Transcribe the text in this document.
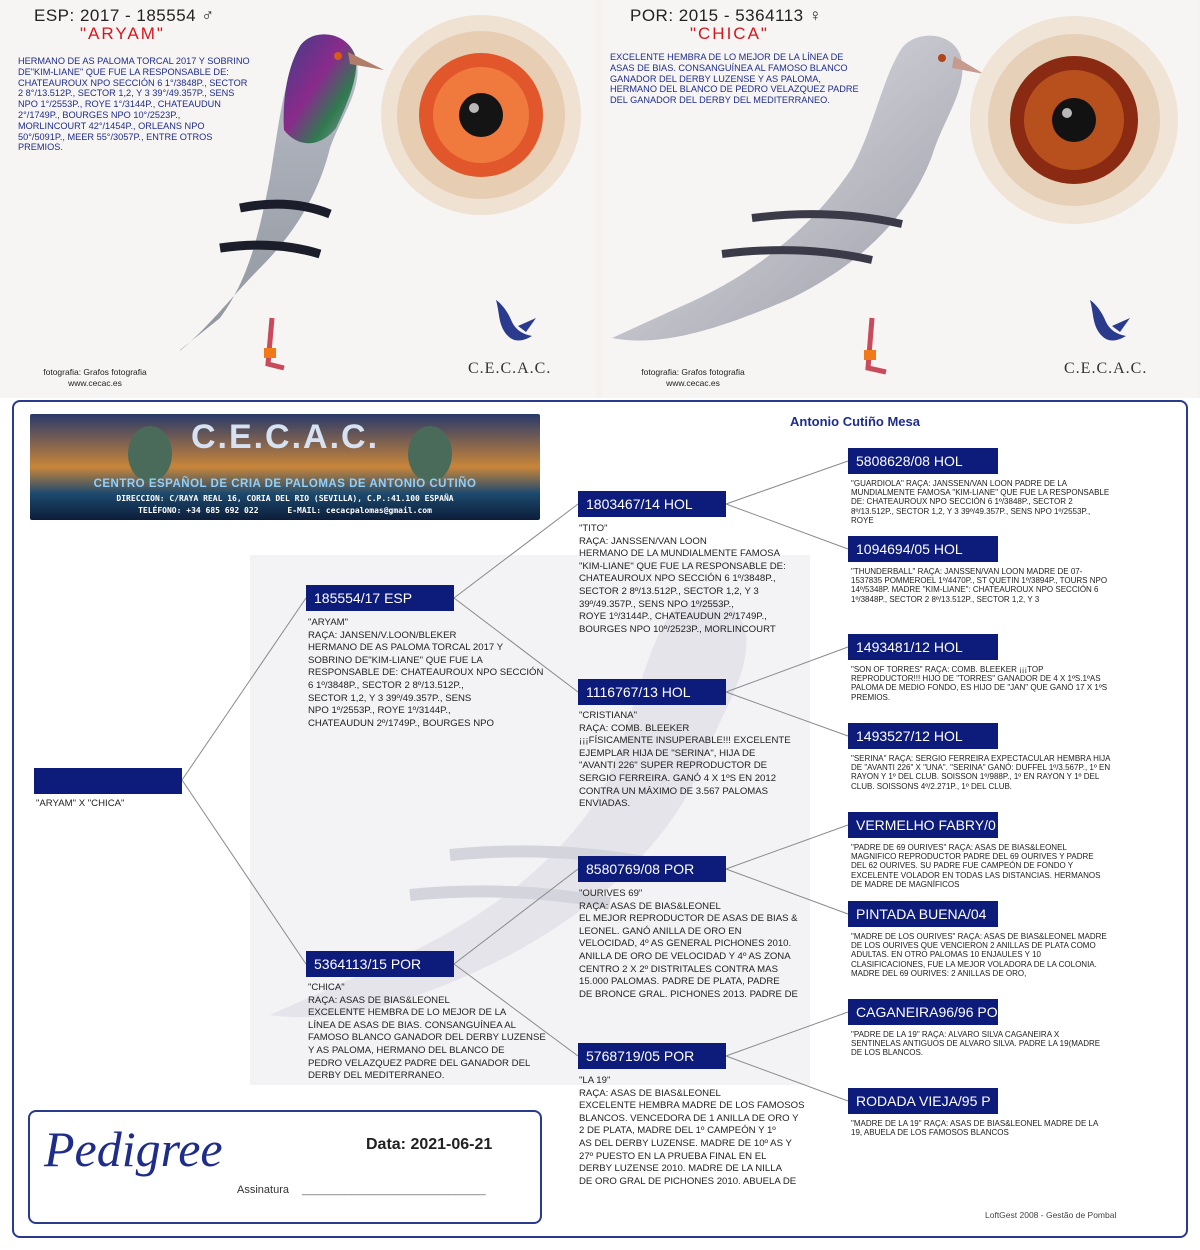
ESP: 2017 - 185554 ♂
"ARYAM"
HERMANO DE AS PALOMA TORCAL 2017 Y SOBRINO DE"KIM-LIANE" QUE FUE LA RESPONSABLE DE: CHATEAUROUX NPO SECCIÓN 6 1°/3848P., SECTOR 2 8°/13.512P., SECTOR 1,2, Y 3 39°/49.357P., SENS NPO 1°/2553P., ROYE 1°/3144P., CHATEAUDUN 2°/1749P., BOURGES NPO 10°/2523P., MORLINCOURT 42°/1454P., ORLEANS NPO 50°/5091P., MEER 55°/3057P., ENTRE OTROS PREMIOS.
C.E.C.A.C.
fotografia: Grafos fotografia
www.cecac.es
POR: 2015 - 5364113 ♀
"CHICA"
EXCELENTE HEMBRA DE LO MEJOR DE LA LÍNEA DE ASAS DE BIAS. CONSANGUÍNEA AL FAMOSO BLANCO GANADOR DEL DERBY LUZENSE Y AS PALOMA, HERMANO DEL BLANCO DE PEDRO VELAZQUEZ PADRE DEL GANADOR DEL DERBY DEL MEDITERRANEO.
C.E.C.A.C.
fotografia: Grafos fotografia
www.cecac.es
C.E.C.A.C.
CENTRO ESPAÑOL DE CRIA DE PALOMAS DE ANTONIO CUTIÑO
DIRECCION: C/RAYA REAL 16, CORIA DEL RIO (SEVILLA), C.P.:41.100 ESPAÑA
TELÉFONO: +34 685 692 022      E-MAIL: cecacpalomas@gmail.com
Antonio Cutiño Mesa
"ARYAM" X "CHICA"
185554/17 ESP
"ARYAM"
RAÇA: JANSEN/V.LOON/BLEKER
HERMANO DE AS PALOMA TORCAL 2017 Y
SOBRINO DE"KIM-LIANE" QUE FUE LA
RESPONSABLE DE: CHATEAUROUX NPO SECCIÓN
6 1º/3848P., SECTOR 2 8º/13.512P.,
SECTOR 1,2, Y 3 39º/49.357P., SENS
NPO 1º/2553P., ROYE 1º/3144P.,
CHATEAUDUN 2º/1749P., BOURGES NPO
5364113/15 POR
"CHICA"
RAÇA: ASAS DE BIAS&LEONEL
EXCELENTE HEMBRA DE LO MEJOR DE LA
LÍNEA DE ASAS DE BIAS. CONSANGUÍNEA AL
FAMOSO BLANCO GANADOR DEL DERBY LUZENSE
Y AS PALOMA, HERMANO DEL BLANCO DE
PEDRO VELAZQUEZ PADRE DEL GANADOR DEL
DERBY DEL MEDITERRANEO.
1803467/14 HOL
"TITO"
RAÇA: JANSSEN/VAN LOON
HERMANO DE LA MUNDIALMENTE FAMOSA
"KIM-LIANE" QUE FUE LA RESPONSABLE DE:
CHATEAUROUX NPO SECCIÓN 6 1º/3848P.,
SECTOR 2 8º/13.512P., SECTOR 1,2, Y 3
39º/49.357P., SENS NPO 1º/2553P.,
ROYE 1º/3144P., CHATEAUDUN 2º/1749P.,
BOURGES NPO 10º/2523P., MORLINCOURT
1116767/13 HOL
"CRISTIANA"
RAÇA: COMB. BLEEKER
¡¡¡FÍSICAMENTE INSUPERABLE!!! EXCELENTE
EJEMPLAR HIJA DE "SERINA", HIJA DE
"AVANTI 226" SUPER REPRODUCTOR DE
SERGIO FERREIRA. GANÓ 4 X 1ºS EN 2012
CONTRA UN MÁXIMO DE 3.567 PALOMAS
ENVIADAS.
8580769/08 POR
"OURIVES 69"
RAÇA: ASAS DE BIAS&LEONEL
EL MEJOR REPRODUCTOR DE ASAS DE BIAS &
LEONEL. GANÓ ANILLA DE ORO EN
VELOCIDAD, 4º AS GENERAL PICHONES 2010.
ANILLA DE ORO DE VELOCIDAD Y 4º AS ZONA
CENTRO 2 X 2º DISTRITALES CONTRA MAS
15.000 PALOMAS. PADRE DE PLATA, PADRE
DE BRONCE GRAL. PICHONES 2013. PADRE DE
5768719/05 POR
"LA 19"
RAÇA: ASAS DE BIAS&LEONEL
EXCELENTE HEMBRA MADRE DE LOS FAMOSOS
BLANCOS. VENCEDORA DE 1 ANILLA DE ORO Y
2 DE PLATA, MADRE DEL 1º CAMPEÓN Y 1º
AS DEL DERBY LUZENSE. MADRE DE 10º AS Y
27º PUESTO EN LA PRUEBA FINAL EN EL
DERBY LUZENSE 2010. MADRE DE LA NILLA
DE ORO GRAL DE PICHONES 2010. ABUELA DE
5808628/08 HOL
"GUARDIOLA" RAÇA: JANSSEN/VAN LOON PADRE DE LA MUNDIALMENTE FAMOSA "KIM-LIANE" QUE FUE LA RESPONSABLE DE: CHATEAUROUX NPO SECCIÓN 6 1º/3848P., SECTOR 2 8º/13.512P., SECTOR 1,2, Y 3 39º/49.357P., SENS NPO 1º/2553P., ROYE
1094694/05 HOL
"THUNDERBALL" RAÇA: JANSSEN/VAN LOON MADRE DE 07-1537835 POMMEROEL 1º/4470P., ST QUETIN 1º/3894P., TOURS NPO 14º/5348P. MADRE "KIM-LIANE": CHATEAUROUX NPO SECCIÓN 6 1º/3848P., SECTOR 2 8º/13.512P., SECTOR 1,2, Y 3
1493481/12 HOL
"SON OF TORRES" RAÇA: COMB. BLEEKER ¡¡¡TOP REPRODUCTOR!!! HIJO DE "TORRES" GANADOR DE 4 X 1ºS.1ºAS PALOMA DE MEDIO FONDO, ES HIJO DE "JAN" QUE GANÓ 17 X 1ºS PREMIOS.
1493527/12 HOL
"SERINA" RAÇA: SERGIO FERREIRA EXPECTACULAR HEMBRA HIJA DE "AVANTI 226" X "UNA". "SERINA" GANÓ: DUFFEL 1º/3.567P., 1º EN RAYON Y 1º DEL CLUB. SOISSON 1º/988P., 1º EN RAYON Y 1º DEL CLUB. SOISSONS 4º/2.271P., 1º DEL CLUB.
VERMELHO FABRY/0
"PADRE DE 69 OURIVES" RAÇA: ASAS DE BIAS&LEONEL MAGNIFICO REPRODUCTOR PADRE DEL 69 OURIVES Y PADRE DEL 62 OURIVES. SU PADRE FUE CAMPEÓN DE FONDO Y EXCELENTE VOLADOR EN TODAS LAS DISTANCIAS. HERMANOS DE MADRE DE MAGNÍFICOS
PINTADA BUENA/04
"MADRE DE LOS OURIVES" RAÇA: ASAS DE BIAS&LEONEL MADRE DE LOS OURIVES QUE VENCIERON 2 ANILLAS DE PLATA COMO ADULTAS. EN OTRO PALOMAS 10 ENJAULES Y 10 CLASIFICACIONES, FUE LA MEJOR VOLADORA DE LA COLONIA. MADRE DEL 69 OURIVES: 2 ANILLAS DE ORO,
CAGANEIRA96/96 PO
"PADRE DE LA 19" RAÇA: ALVARO SILVA CAGANEIRA X SENTINELAS ANTIGUOS DE ALVARO SILVA. PADRE LA 19(MADRE DE LOS BLANCOS.
RODADA VIEJA/95 P
"MADRE DE LA 19" RAÇA: ASAS DE BIAS&LEONEL MADRE DE LA 19, ABUELA DE LOS FAMOSOS BLANCOS
Pedigree	Data: 2021-06-21
Assinatura ______________________________
LoftGest 2008 - Gestão de Pombal
